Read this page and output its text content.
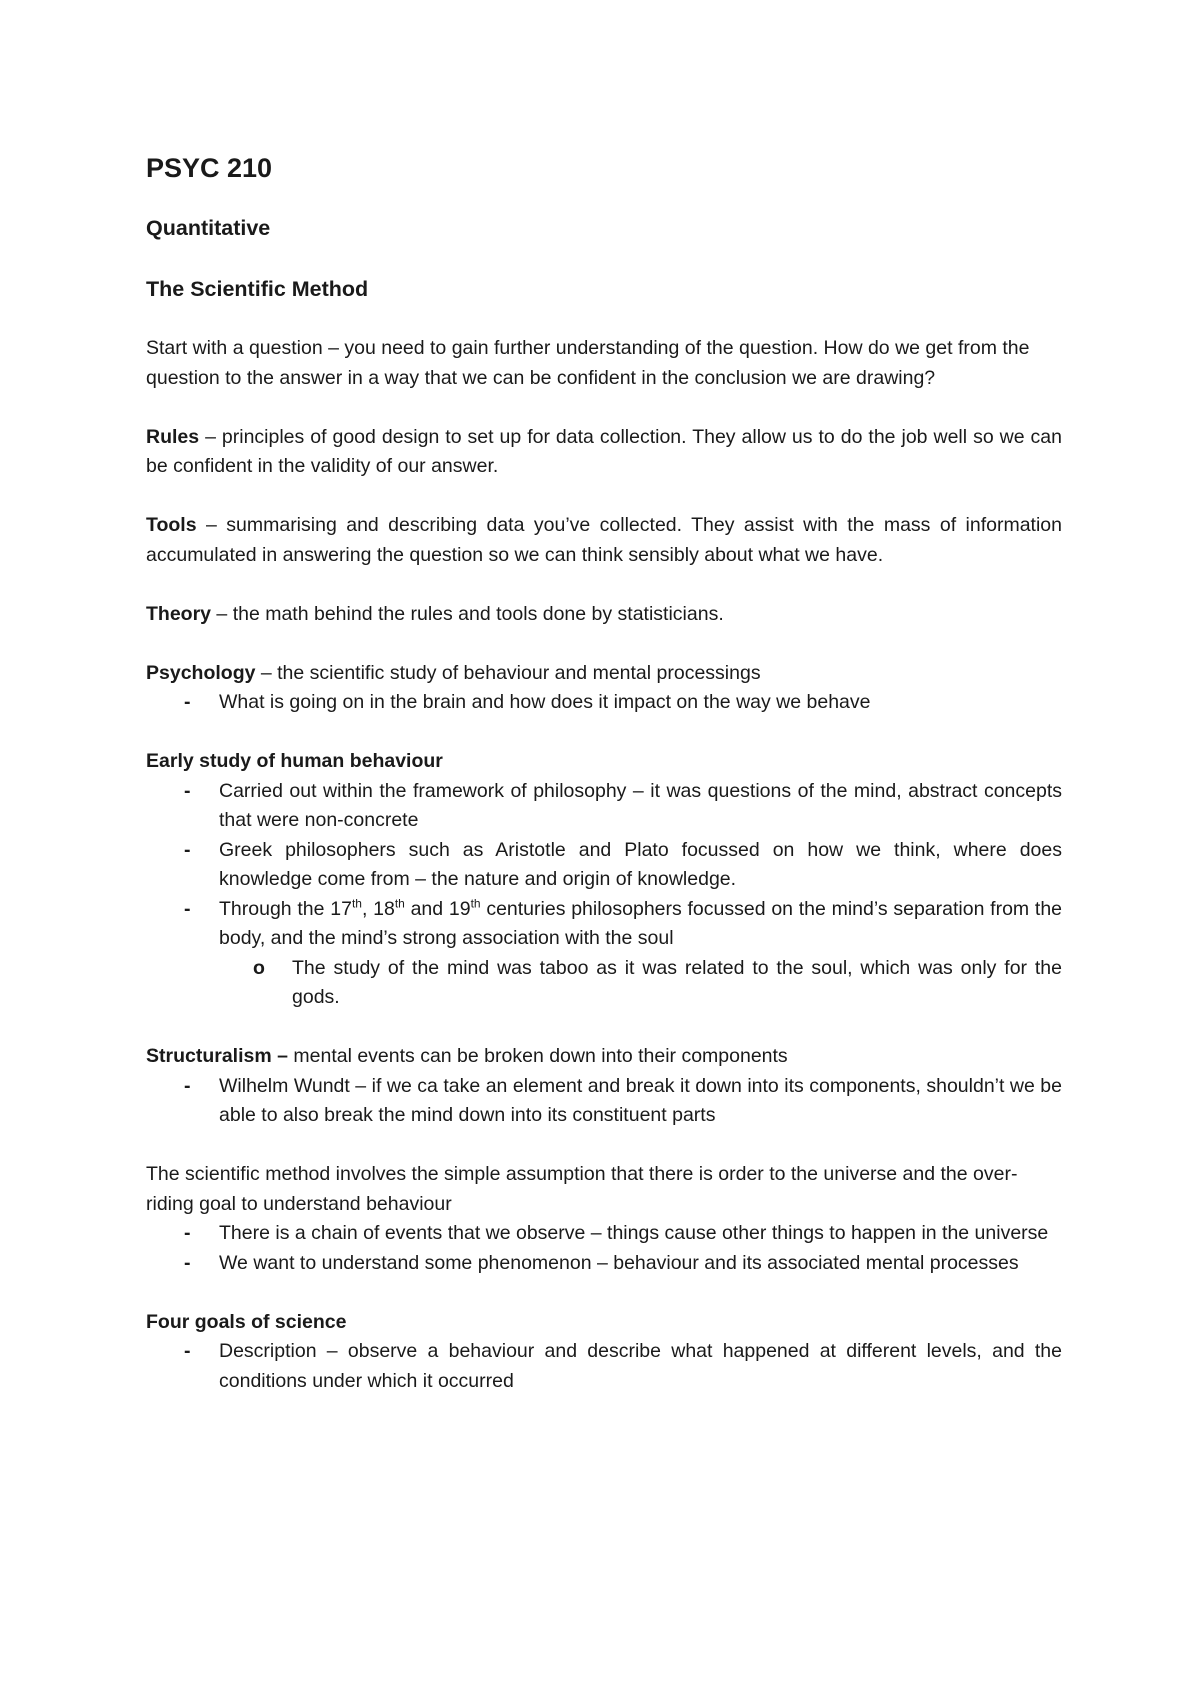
PSYC 210
Quantitative
The Scientific Method

Start with a question – you need to gain further understanding of the question. How do we get from the question to the answer in a way that we can be confident in the conclusion we are drawing?

Rules – principles of good design to set up for data collection. They allow us to do the job well so we can be confident in the validity of our answer.

Tools – summarising and describing data you’ve collected. They assist with the mass of information accumulated in answering the question so we can think sensibly about what we have.

Theory – the math behind the rules and tools done by statisticians.

Psychology – the scientific study of behaviour and mental processings

- What is going on in the brain and how does it impact on the way we behave

Early study of human behaviour

- Carried out within the framework of philosophy – it was questions of the mind, abstract concepts that were non-concrete
- Greek philosophers such as Aristotle and Plato focussed on how we think, where does knowledge come from – the nature and origin of knowledge.
- Through the 17th, 18th and 19th centuries philosophers focussed on the mind’s separation from the body, and the mind’s strong association with the soul
o The study of the mind was taboo as it was related to the soul, which was only for the gods.

Structuralism – mental events can be broken down into their components

- Wilhelm Wundt – if we ca take an element and break it down into its components, shouldn’t we be able to also break the mind down into its constituent parts

The scientific method involves the simple assumption that there is order to the universe and the over-riding goal to understand behaviour

- There is a chain of events that we observe – things cause other things to happen in the universe
- We want to understand some phenomenon – behaviour and its associated mental processes

Four goals of science

- Description – observe a behaviour and describe what happened at different levels, and the conditions under which it occurred
